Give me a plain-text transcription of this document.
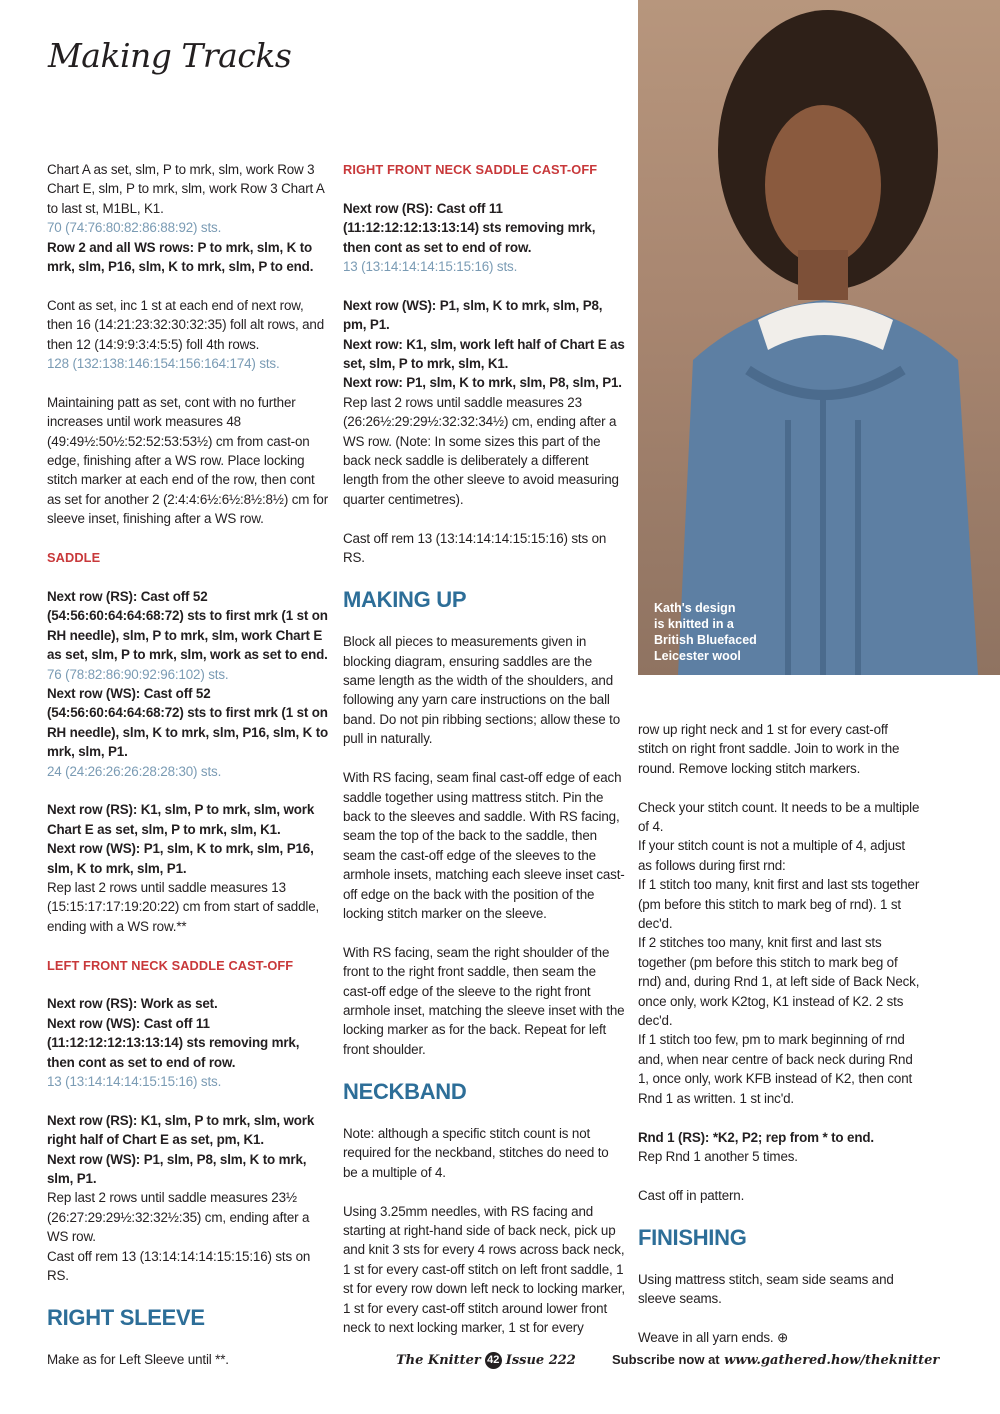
Making Tracks

Chart A as set, slm, P to mrk, slm, work Row 3 Chart E, slm, P to mrk, slm, work Row 3 Chart A to last st, M1BL, K1.
70 (74:76:80:82:86:88:92) sts.
Row 2 and all WS rows: P to mrk, slm, K to mrk, slm, P16, slm, K to mrk, slm, P to end.

Cont as set, inc 1 st at each end of next row, then 16 (14:21:23:32:30:32:35) foll alt rows, and then 12 (14:9:9:3:4:5:5) foll 4th rows.
128 (132:138:146:154:156:164:174) sts.

Maintaining patt as set, cont with no further increases until work measures 48 (49:49½:50½:52:52:53:53½) cm from cast-on edge, finishing after a WS row. Place locking stitch marker at each end of the row, then cont as set for another 2 (2:4:4:6½:6½:8½:8½) cm for sleeve inset, finishing after a WS row.

SADDLE

Next row (RS): Cast off 52 (54:56:60:64:64:68:72) sts to first mrk (1 st on RH needle), slm, P to mrk, slm, work Chart E as set, slm, P to mrk, slm, work as set to end.
76 (78:82:86:90:92:96:102) sts.
Next row (WS): Cast off 52 (54:56:60:64:64:68:72) sts to first mrk (1 st on RH needle), slm, K to mrk, slm, P16, slm, K to mrk, slm, P1.
24 (24:26:26:26:28:28:30) sts.

Next row (RS): K1, slm, P to mrk, slm, work Chart E as set, slm, P to mrk, slm, K1.
Next row (WS): P1, slm, K to mrk, slm, P16, slm, K to mrk, slm, P1.
Rep last 2 rows until saddle measures 13 (15:15:17:17:19:20:22) cm from start of saddle, ending with a WS row.**

LEFT FRONT NECK SADDLE CAST-OFF

Next row (RS): Work as set.
Next row (WS): Cast off 11 (11:12:12:12:13:13:14) sts removing mrk, then cont as set to end of row.
13 (13:14:14:14:15:15:16) sts.

Next row (RS): K1, slm, P to mrk, slm, work right half of Chart E as set, pm, K1.
Next row (WS): P1, slm, P8, slm, K to mrk, slm, P1.
Rep last 2 rows until saddle measures 23½ (26:27:29:29½:32:32½:35) cm, ending after a WS row.
Cast off rem 13 (13:14:14:14:15:15:16) sts on RS.

RIGHT SLEEVE

Make as for Left Sleeve until **.

RIGHT FRONT NECK SADDLE CAST-OFF

Next row (RS): Cast off 11 (11:12:12:12:13:13:14) sts removing mrk, then cont as set to end of row.
13 (13:14:14:14:15:15:16) sts.

Next row (WS): P1, slm, K to mrk, slm, P8, pm, P1.
Next row: K1, slm, work left half of Chart E as set, slm, P to mrk, slm, K1.
Next row: P1, slm, K to mrk, slm, P8, slm, P1.
Rep last 2 rows until saddle measures 23 (26:26½:29:29½:32:32:34½) cm, ending after a WS row. (Note: In some sizes this part of the back neck saddle is deliberately a different length from the other sleeve to avoid measuring quarter centimetres).

Cast off rem 13 (13:14:14:14:15:15:16) sts on RS.

MAKING UP

Block all pieces to measurements given in blocking diagram, ensuring saddles are the same length as the width of the shoulders, and following any yarn care instructions on the ball band. Do not pin ribbing sections; allow these to pull in naturally.

With RS facing, seam final cast-off edge of each saddle together using mattress stitch. Pin the back to the sleeves and saddle. With RS facing, seam the top of the back to the saddle, then seam the cast-off edge of the sleeves to the armhole insets, matching each sleeve inset cast-off edge on the back with the position of the locking stitch marker on the sleeve.

With RS facing, seam the right shoulder of the front to the right front saddle, then seam the cast-off edge of the sleeve to the right front armhole inset, matching the sleeve inset with the locking marker as for the back. Repeat for left front shoulder.

NECKBAND

Note: although a specific stitch count is not required for the neckband, stitches do need to be a multiple of 4.

Using 3.25mm needles, with RS facing and starting at right-hand side of back neck, pick up and knit 3 sts for every 4 rows across back neck, 1 st for every cast-off stitch on left front saddle, 1 st for every row down left neck to locking marker, 1 st for every cast-off stitch around lower front neck to next locking marker, 1 st for every

Kath's design
is knitted in a
British Bluefaced
Leicester wool

row up right neck and 1 st for every cast-off stitch on right front saddle. Join to work in the round. Remove locking stitch markers.

Check your stitch count. It needs to be a multiple of 4.
If your stitch count is not a multiple of 4, adjust as follows during first rnd:
If 1 stitch too many, knit first and last sts together (pm before this stitch to mark beg of rnd). 1 st dec'd.
If 2 stitches too many, knit first and last sts together (pm before this stitch to mark beg of rnd) and, during Rnd 1, at left side of Back Neck, once only, work K2tog, K1 instead of K2. 2 sts dec'd.
If 1 stitch too few, pm to mark beginning of rnd and, when near centre of back neck during Rnd 1, once only, work KFB instead of K2, then cont Rnd 1 as written. 1 st inc'd.

Rnd 1 (RS): *K2, P2; rep from * to end.
Rep Rnd 1 another 5 times.

Cast off in pattern.

FINISHING

Using mattress stitch, seam side seams and sleeve seams.

Weave in all yarn ends. ⊕

The Knitter 42 Issue 222	Subscribe now at www.gathered.how/theknitter
